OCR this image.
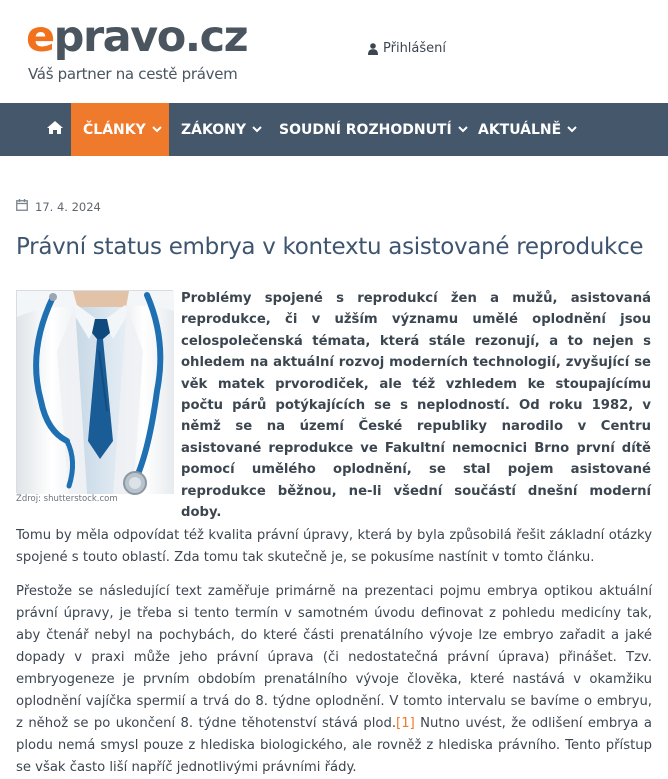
epravo.cz
Váš partner na cestě právem
Přihlášení
ČLÁNKY	ZÁKONY SOUDNÍ ROZHODNUTÍ AKTUÁLNĚ
17. 4. 2024
Právní status embrya v kontextu asistované reprodukce
Zdroj: shutterstock.com

Problémy spojené s reprodukcí žen a mužů, asistovaná reprodukce, či v užším významu umělé oplodnění jsou celospolečenská témata, která stále rezonují, a to nejen s ohledem na aktuální rozvoj moderních technologií, zvyšující se věk matek prvorodiček, ale též vzhledem ke stoupajícímu počtu párů potýkajících se s neplodností. Od roku 1982, v němž se na území České republiky narodilo v Centru asistované reprodukce ve Fakultní nemocnici Brno první dítě pomocí umělého oplodnění, se stal pojem asistované reprodukce běžnou, ne-li všední součástí dnešní moderní doby.

Tomu by měla odpovídat též kvalita právní úpravy, která by byla způsobilá řešit základní otázky spojené s touto oblastí. Zda tomu tak skutečně je, se pokusíme nastínit v tomto článku.

Přestože se následující text zaměřuje primárně na prezentaci pojmu embrya optikou aktuální právní úpravy, je třeba si tento termín v samotném úvodu definovat z pohledu medicíny tak, aby čtenář nebyl na pochybách, do které části prenatálního vývoje lze embryo zařadit a jaké dopady v praxi může jeho právní úprava (či nedostatečná právní úprava) přinášet. Tzv. embryogeneze je prvním obdobím prenatálního vývoje člověka, které nastává v okamžiku oplodnění vajíčka spermií a trvá do 8. týdne oplodnění. V tomto intervalu se bavíme o embryu, z něhož se po ukončení 8. týdne těhotenství stává plod.[1] Nutno uvést, že odlišení embrya a plodu nemá smysl pouze z hlediska biologického, ale rovněž z hlediska právního. Tento přístup se však často liší napříč jednotlivými právními řády.
